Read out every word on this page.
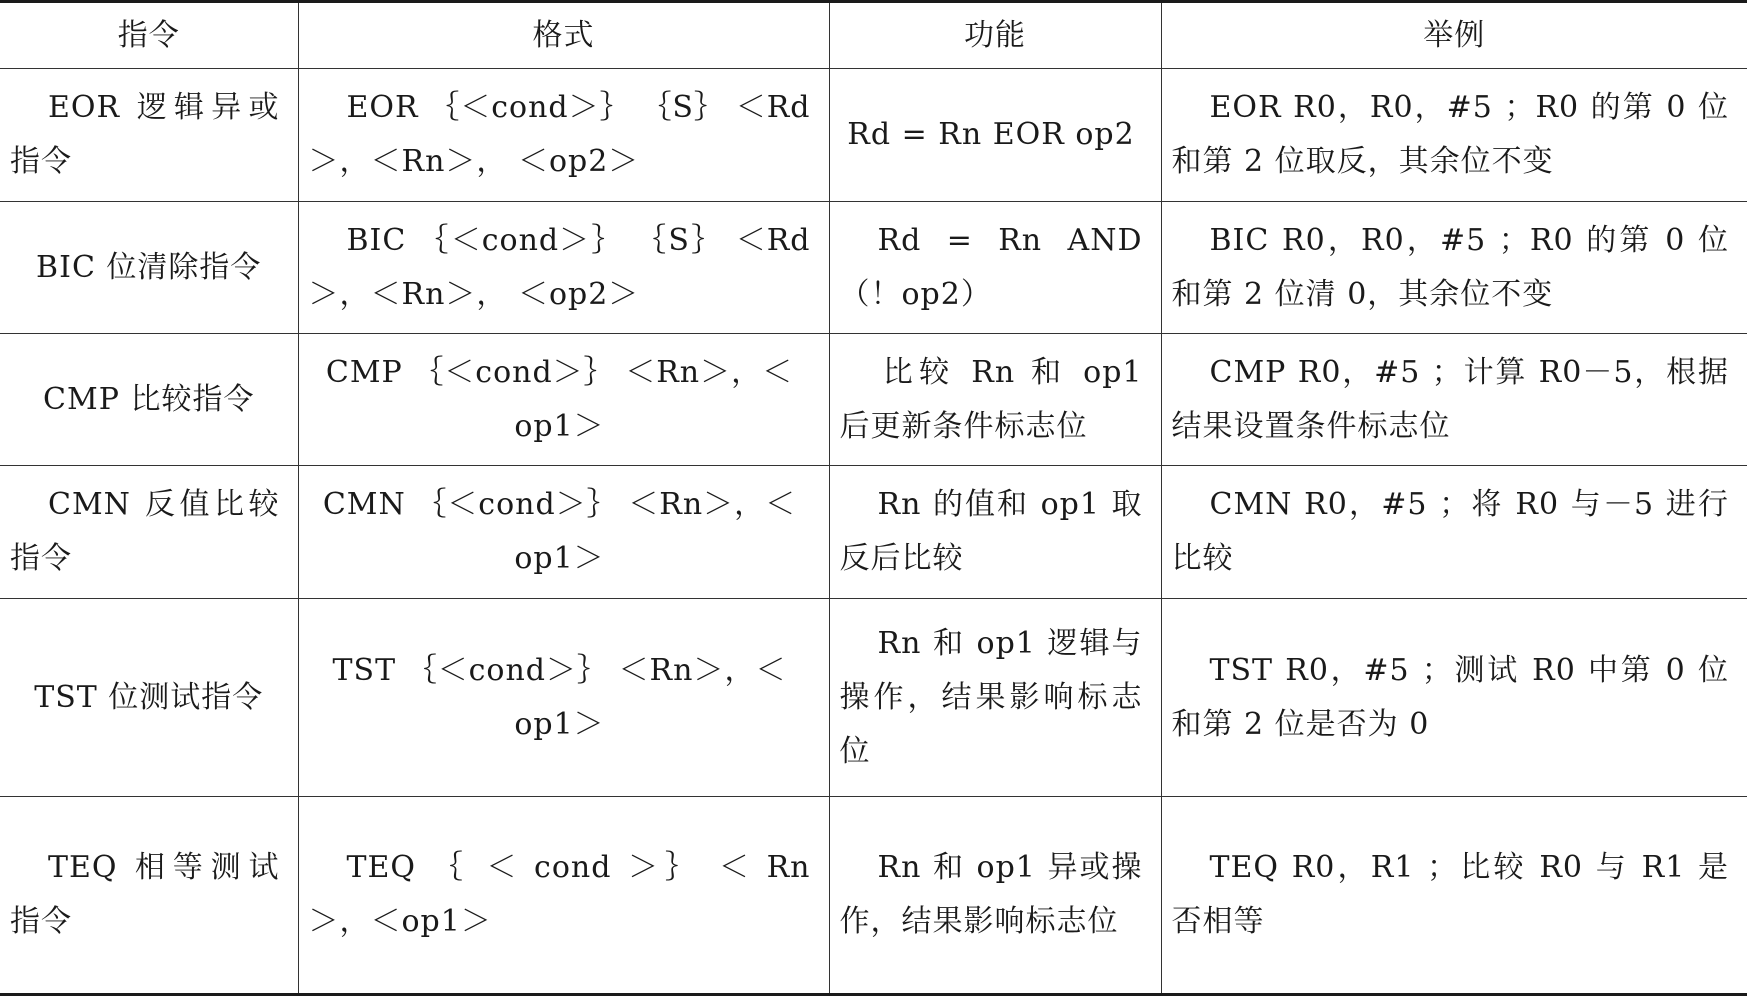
指令	格式	功能	举例
EOR 逻辑异或指令	EOR ｛＜cond＞｝ ｛S｝ ＜Rd＞，＜Rn＞， ＜op2＞	Rd = Rn EOR op2	EOR R0，R0，#5 ；R0 的第 0 位和第 2 位取反，其余位不变
BIC 位清除指令	BIC ｛＜cond＞｝ ｛S｝ ＜Rd＞，＜Rn＞， ＜op2＞	Rd = Rn AND （！op2）	BIC R0，R0，#5 ；R0 的第 0 位和第 2 位清 0，其余位不变
CMP 比较指令	CMP ｛＜cond＞｝ ＜Rn＞，＜op1＞	比较 Rn 和 op1 后更新条件标志位	CMP R0，#5 ；计算 R0－5，根据结果设置条件标志位
CMN 反值比较指令	CMN ｛＜cond＞｝ ＜Rn＞，＜op1＞	Rn 的值和 op1 取反后比较	CMN R0，#5 ；将 R0 与－5 进行比较
TST 位测试指令	TST ｛＜cond＞｝ ＜Rn＞，＜op1＞	Rn 和 op1 逻辑与操作，结果影响标志位	TST R0，#5 ；测试 R0 中第 0 位和第 2 位是否为 0
TEQ 相等测试指令	TEQ ｛ ＜ cond ＞｝ ＜ Rn ＞，＜op1＞	Rn 和 op1 异或操作，结果影响标志位	TEQ R0，R1 ；比较 R0 与 R1 是否相等
